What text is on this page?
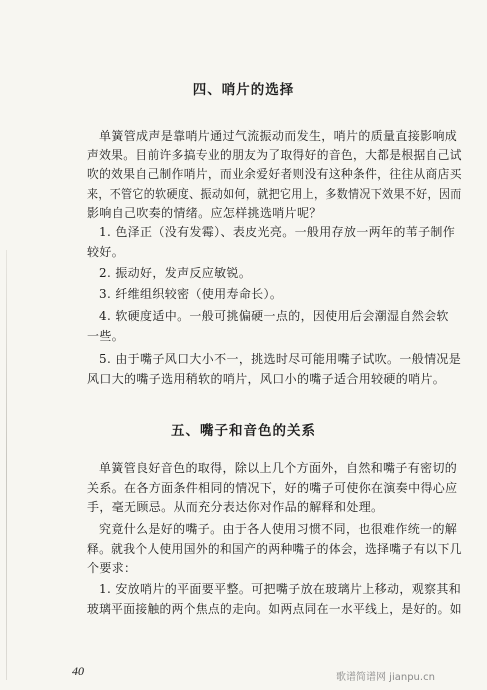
四、哨片的选择
单簧管成声是靠哨片通过气流振动而发生，哨片的质量直接影响成
声效果。目前许多搞专业的朋友为了取得好的音色，大都是根据自己试
吹的效果自己制作哨片，而业余爱好者则没有这种条件，往往从商店买
来，不管它的软硬度、振动如何，就把它用上，多数情况下效果不好，因而
影响自己吹奏的情绪。应怎样挑选哨片呢？
1. 色泽正（没有发霉）、表皮光亮。一般用存放一两年的苇子制作
较好。
2. 振动好，发声反应敏锐。
3. 纤维组织较密（使用寿命长）。
4. 软硬度适中。一般可挑偏硬一点的，因使用后会潮湿自然会软
一些。
5. 由于嘴子风口大小不一，挑选时尽可能用嘴子试吹。一般情况是
风口大的嘴子选用稍软的哨片，风口小的嘴子适合用较硬的哨片。
五、嘴子和音色的关系
单簧管良好音色的取得，除以上几个方面外，自然和嘴子有密切的
关系。在各方面条件相同的情况下，好的嘴子可使你在演奏中得心应
手，毫无顾忌。从而充分表达你对作品的解释和处理。
究竟什么是好的嘴子。由于各人使用习惯不同，也很难作统一的解
释。就我个人使用国外的和国产的两种嘴子的体会，选择嘴子有以下几
个要求：
1. 安放哨片的平面要平整。可把嘴子放在玻璃片上移动，观察其和
玻璃平面接触的两个焦点的走向。如两点同在一水平线上，是好的。如
40	歌谱简谱网 jianpu.cn
